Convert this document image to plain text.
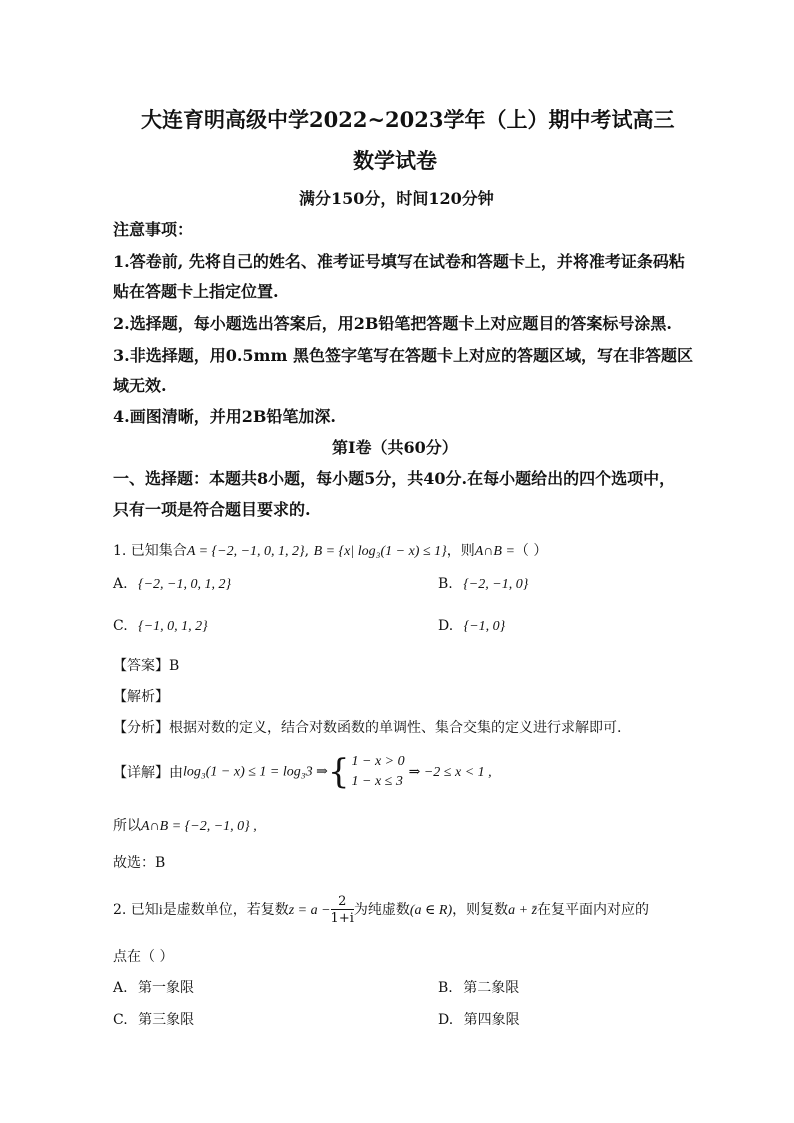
大连育明高级中学2022~2023学年（上）期中考试高三
数学试卷
满分150分，时间120分钟
注意事项：
1.答卷前, 先将自己的姓名、准考证号填写在试卷和答题卡上，并将准考证条码粘
贴在答题卡上指定位置.
2.选择题，每小题选出答案后，用2B铅笔把答题卡上对应题目的答案标号涂黑.
3.非选择题，用0.5mm 黑色签字笔写在答题卡上对应的答题区域，写在非答题区
域无效.
4.画图清晰，并用2B铅笔加深.
第Ⅰ卷（共60分）
一、选择题：本题共8小题，每小题5分，共40分.在每小题给出的四个选项中，
只有一项是符合题目要求的.
1. 已知集合A = {−2, −1, 0, 1, 2}, B = {x| log₃(1 − x) ≤ 1}，则A∩B =（ ）
A. {−2, −1, 0, 1, 2}	B. {−2, −1, 0}
C. {−1, 0, 1, 2}	D. {−1, 0}
【答案】B
【解析】
【分析】根据对数的定义，结合对数函数的单调性、集合交集的定义进行求解即可.
【详解】由log₃(1 − x) ≤ 1 = log₃3 ⇒{ 1 − x > 0
1 − x ≤ 3
⇒ −2 ≤ x < 1 ,
所以A∩B = {−2, −1, 0} ,
故选：B
2. 已知i是虚数单位，若复数$z = a - \frac{2}{1+i}$ 为纯虚数(a ∈ R)，则复数a + z̄在复平面内对应的
点在（ ）
A. 第一象限	B. 第二象限
C. 第三象限	D. 第四象限
